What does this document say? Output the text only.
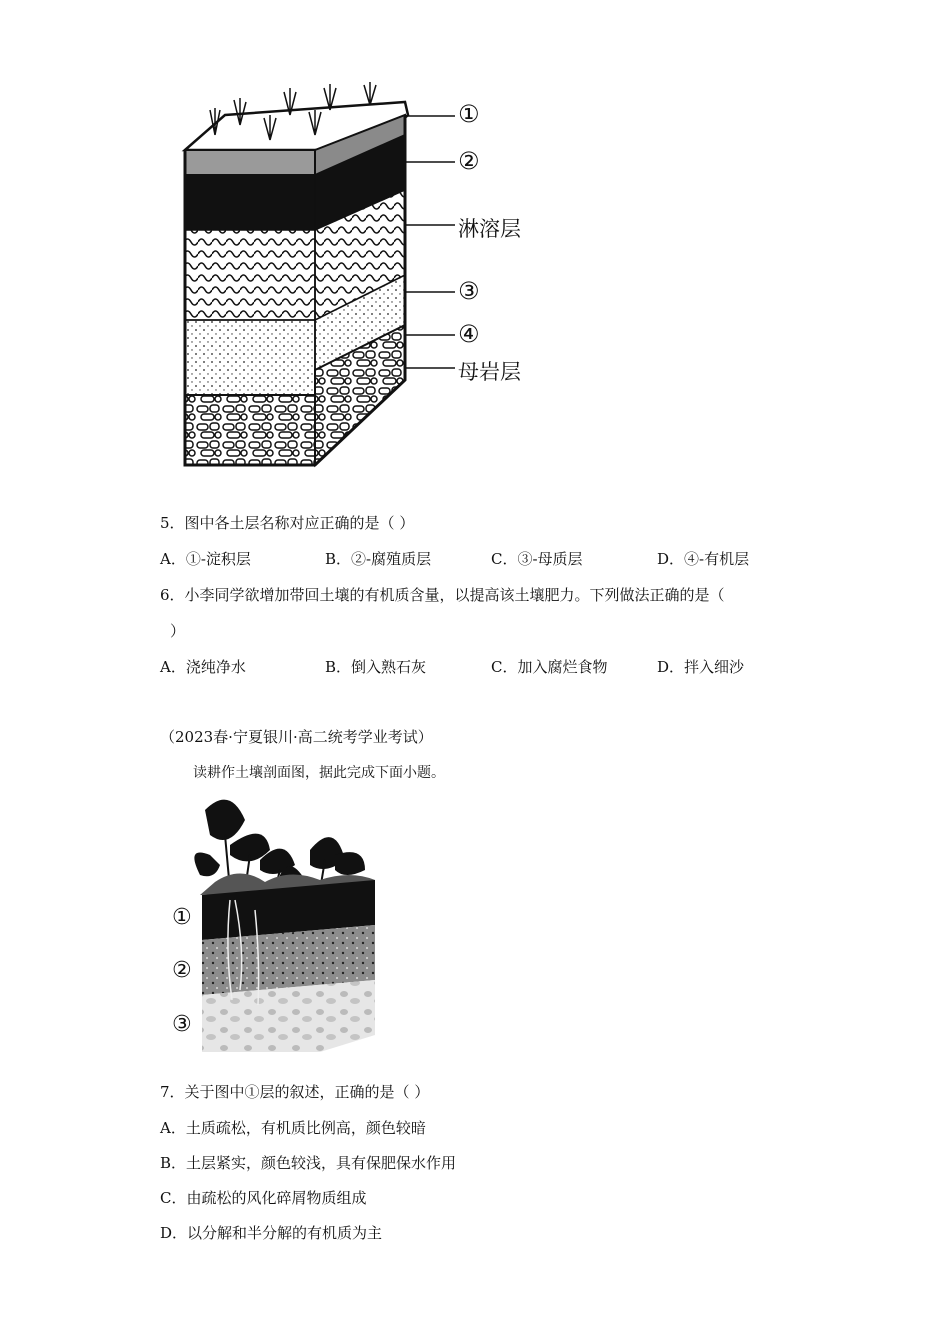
①
②
淋溶层
③
④
母岩层
5．图中各土层名称对应正确的是（ ）
A．①-淀积层	B．②-腐殖质层	C．③-母质层	D．④-有机层
6．小李同学欲增加带回土壤的有机质含量，以提高该土壤肥力。下列做法正确的是（
）
A．浇纯净水	B．倒入熟石灰	C．加入腐烂食物	D．拌入细沙
（2023春·宁夏银川·高二统考学业考试）
读耕作土壤剖面图，据此完成下面小题。
①
②
③
7．关于图中①层的叙述，正确的是（ ）
A．土质疏松，有机质比例高，颜色较暗
B．土层紧实，颜色较浅，具有保肥保水作用
C．由疏松的风化碎屑物质组成
D．以分解和半分解的有机质为主
